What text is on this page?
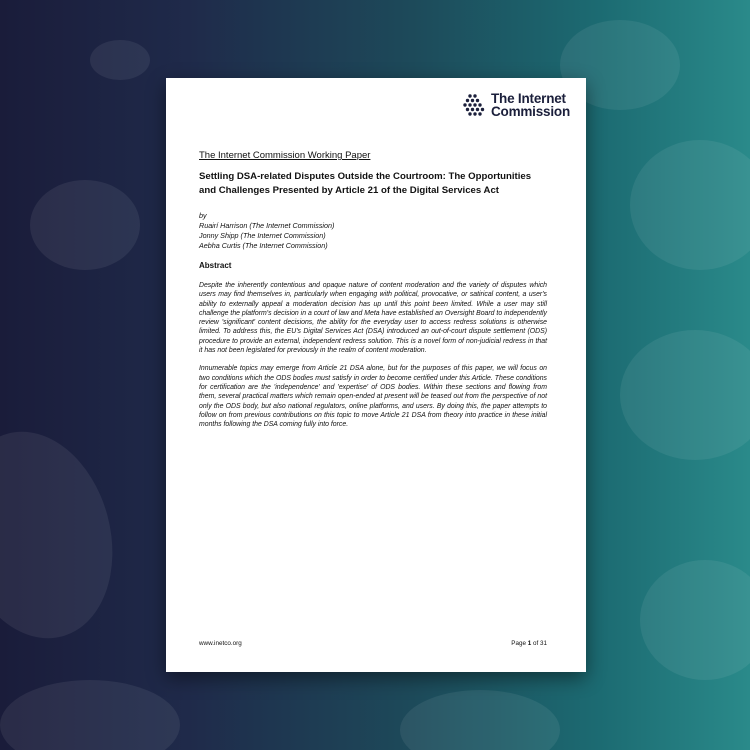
The Internet
Commission
The Internet Commission Working Paper
Settling DSA-related Disputes Outside the Courtroom: The Opportunities and Challenges Presented by Article 21 of the Digital Services Act
by
Ruairí Harrison (The Internet Commission)
Jonny Shipp (The Internet Commission)
Aebha Curtis (The Internet Commission)
Abstract

Despite the inherently contentious and opaque nature of content moderation and the variety of disputes which users may find themselves in, particularly when engaging with political, provocative, or satirical content, a user's ability to externally appeal a moderation decision has up until this point been limited. While a user may still challenge the platform's decision in a court of law and Meta have established an Oversight Board to independently review 'significant' content decisions, the ability for the everyday user to access redress solutions is otherwise limited. To address this, the EU's Digital Services Act (DSA) introduced an out-of-court dispute settlement (ODS) procedure to provide an external, independent redress solution. This is a novel form of non-judicial redress in that it has not been legislated for previously in the realm of content moderation.

Innumerable topics may emerge from Article 21 DSA alone, but for the purposes of this paper, we will focus on two conditions which the ODS bodies must satisfy in order to become certified under this Article. These conditions for certification are the 'independence' and 'expertise' of ODS bodies. Within these sections and flowing from them, several practical matters which remain open-ended at present will be teased out from the perspective of not only the ODS body, but also national regulators, online platforms, and users. By doing this, the paper attempts to follow on from previous contributions on this topic to move Article 21 DSA from theory into practice in these initial months following the DSA coming fully into force.

www.inetco.org	Page 1 of 31
